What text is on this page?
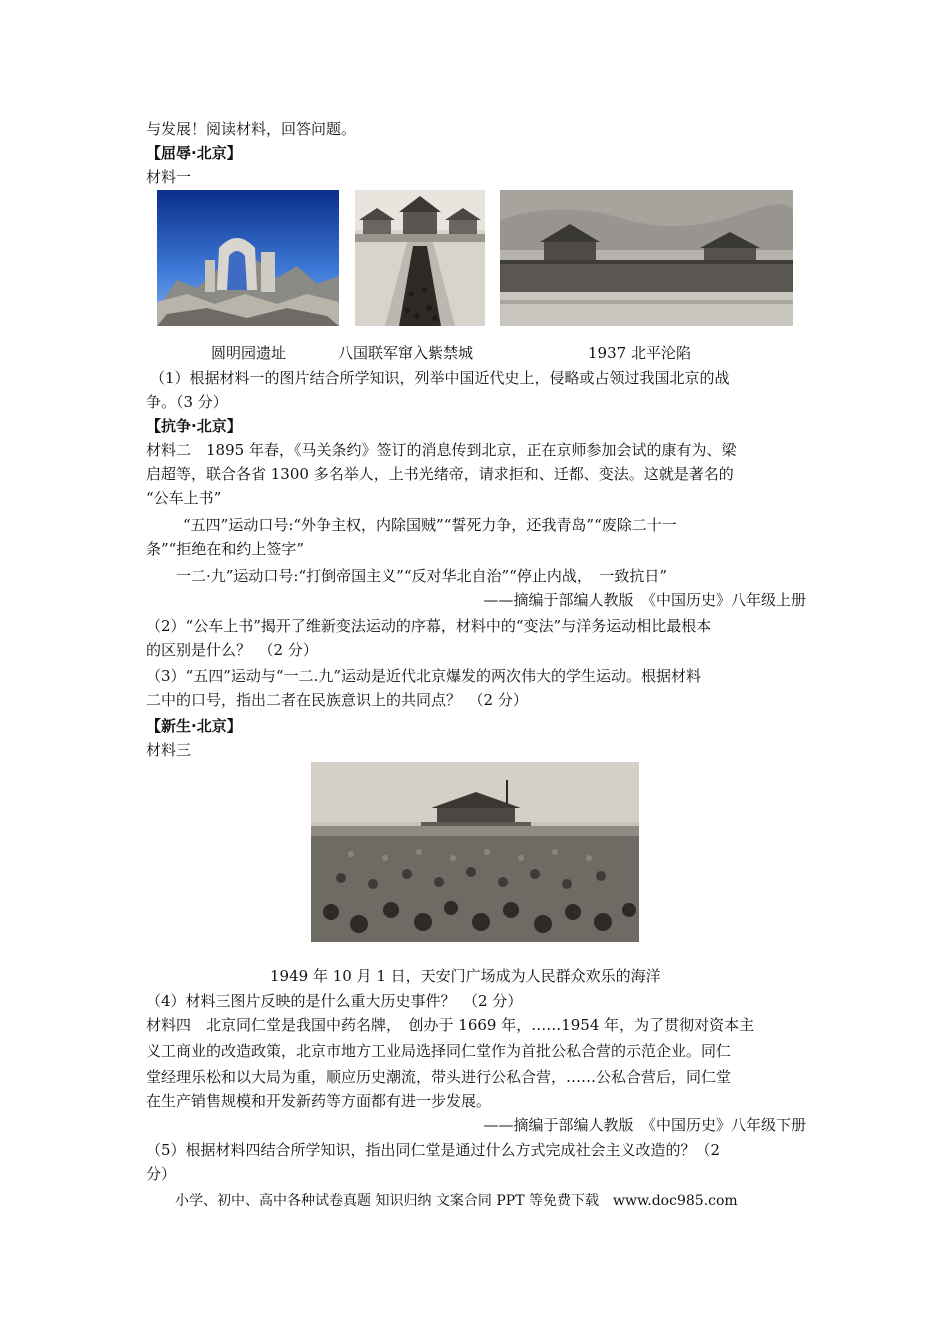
与发展！阅读材料，回答问题。
【屈辱·北京】
材料一
圆明园遗址	八国联军窜入紫禁城	1937 北平沦陷
（1）根据材料一的图片结合所学知识，列举中国近代史上，侵略或占领过我国北京的战
争。（3 分）
【抗争·北京】
材料二　1895 年春，《马关条约》签订的消息传到北京，正在京师参加会试的康有为、梁
启超等，联合各省 1300 多名举人，上书光绪帝，请求拒和、迁都、变法。这就是著名的
“公车上书”
“五四”运动口号:“外争主权，内除国贼”“誓死力争，还我青岛”“废除二十一
条”“拒绝在和约上签字”
一二·九”运动口号:“打倒帝国主义”“反对华北自治”“停止内战，　一致抗日”
——摘编于部编人教版　《中国历史》八年级上册
（2）“公车上书”揭开了维新变法运动的序幕，材料中的“变法”与洋务运动相比最根本
的区别是什么？　（2 分）
（3）“五四”运动与“一二.九”运动是近代北京爆发的两次伟大的学生运动。根据材料
二中的口号，指出二者在民族意识上的共同点？　（2 分）
【新生·北京】
材料三
1949 年 10 月 1 日，天安门广场成为人民群众欢乐的海洋
（4）材料三图片反映的是什么重大历史事件？　（2 分）
材料四　北京同仁堂是我国中药名牌，　创办于 1669 年，……1954 年，为了贯彻对资本主
义工商业的改造政策，北京市地方工业局选择同仁堂作为首批公私合营的示范企业。同仁
堂经理乐松和以大局为重，顺应历史潮流，带头进行公私合营，……公私合营后，同仁堂
在生产销售规模和开发新药等方面都有进一步发展。
——摘编于部编人教版　《中国历史》八年级下册
（5）根据材料四结合所学知识，指出同仁堂是通过什么方式完成社会主义改造的？（2
分）
小学、初中、高中各种试卷真题 知识归纳 文案合同 PPT 等免费下载　www.doc985.com
